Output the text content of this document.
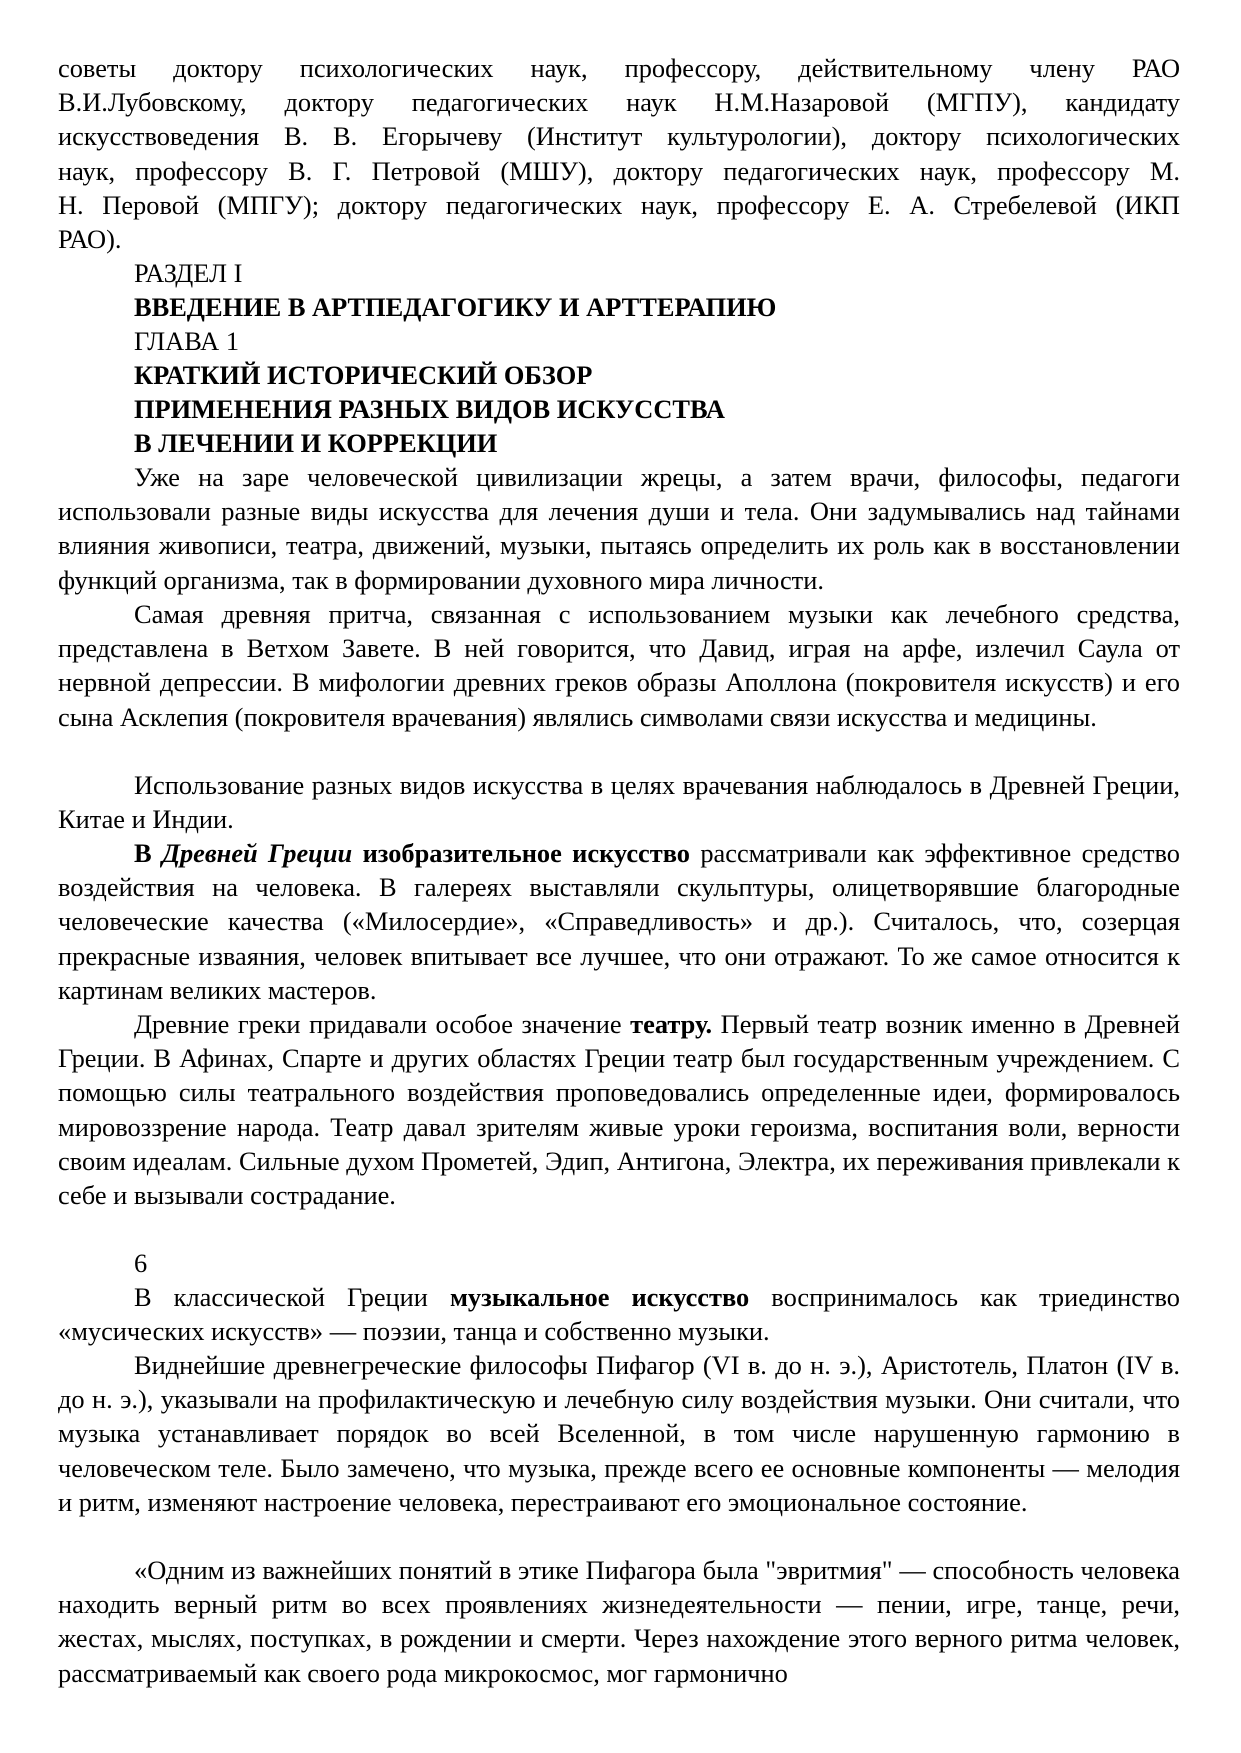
советы доктору психологических наук, профессору, действительному члену РАО
В.И.Лубовскому, доктору педагогических наук Н.М.Назаровой (МГПУ), кандидату
искусствоведения В. В. Егорычеву (Институт культурологии), доктору психологических
наук, профессору В. Г. Петровой (МШУ), доктору педагогических наук, профессору М.
Н. Перовой (МПГУ); доктору педагогических наук, профессору Е. А. Стребелевой (ИКП
РАО).
РАЗДЕЛ I
ВВЕДЕНИЕ В АРТПЕДАГОГИКУ И АРТТЕРАПИЮ
ГЛАВА 1
КРАТКИЙ ИСТОРИЧЕСКИЙ ОБЗОР
ПРИМЕНЕНИЯ РАЗНЫХ ВИДОВ ИСКУССТВА
В ЛЕЧЕНИИ И КОРРЕКЦИИ

Уже на заре человеческой цивилизации жрецы, а затем врачи, философы, педагоги использовали разные виды искусства для лечения души и тела. Они задумывались над тайнами влияния живописи, театра, движений, музыки, пытаясь определить их роль как в восстановлении функций организма, так в формировании духовного мира личности.

Самая древняя притча, связанная с использованием музыки как лечебного средства, представлена в Ветхом Завете. В ней говорится, что Давид, играя на арфе, излечил Саула от нервной депрессии. В мифологии древних греков образы Аполлона (покровителя искусств) и его сына Асклепия (покровителя врачевания) являлись символами связи искусства и медицины.

Использование разных видов искусства в целях врачевания наблюдалось в Древней Греции, Китае и Индии.

В Древней Греции изобразительное искусство рассматривали как эффективное средство воздействия на человека. В галереях выставляли скульптуры, олицетворявшие благородные человеческие качества («Милосердие», «Справедливость» и др.). Считалось, что, созерцая прекрасные изваяния, человек впитывает все лучшее, что они отражают. То же самое относится к картинам великих мастеров.

Древние греки придавали особое значение театру. Первый театр возник именно в Древней Греции. В Афинах, Спарте и других областях Греции театр был государственным учреждением. С помощью силы театрального воздействия проповедовались определенные идеи, формировалось мировоззрение народа. Театр давал зрителям живые уроки героизма, воспитания воли, верности своим идеалам. Сильные духом Прометей, Эдип, Антигона, Электра, их переживания привлекали к себе и вызывали сострадание.

6

В классической Греции музыкальное искусство воспринималось как триединство «мусических искусств» — поэзии, танца и собственно музыки.

Виднейшие древнегреческие философы Пифагор (VI в. до н. э.), Аристотель, Платон (IV в. до н. э.), указывали на профилактическую и лечебную силу воздействия музыки. Они считали, что музыка устанавливает порядок во всей Вселенной, в том числе нарушенную гармонию в человеческом теле. Было замечено, что музыка, прежде всего ее основные компоненты — мелодия и ритм, изменяют настроение человека, перестраивают его эмоциональное состояние.

«Одним из важнейших понятий в этике Пифагора была "эвритмия" — способность человека находить верный ритм во всех проявлениях жизнедеятельности — пении, игре, танце, речи, жестах, мыслях, поступках, в рождении и смерти. Через нахождение этого верного ритма человек, рассматриваемый как своего рода микрокосмос, мог гармонично
